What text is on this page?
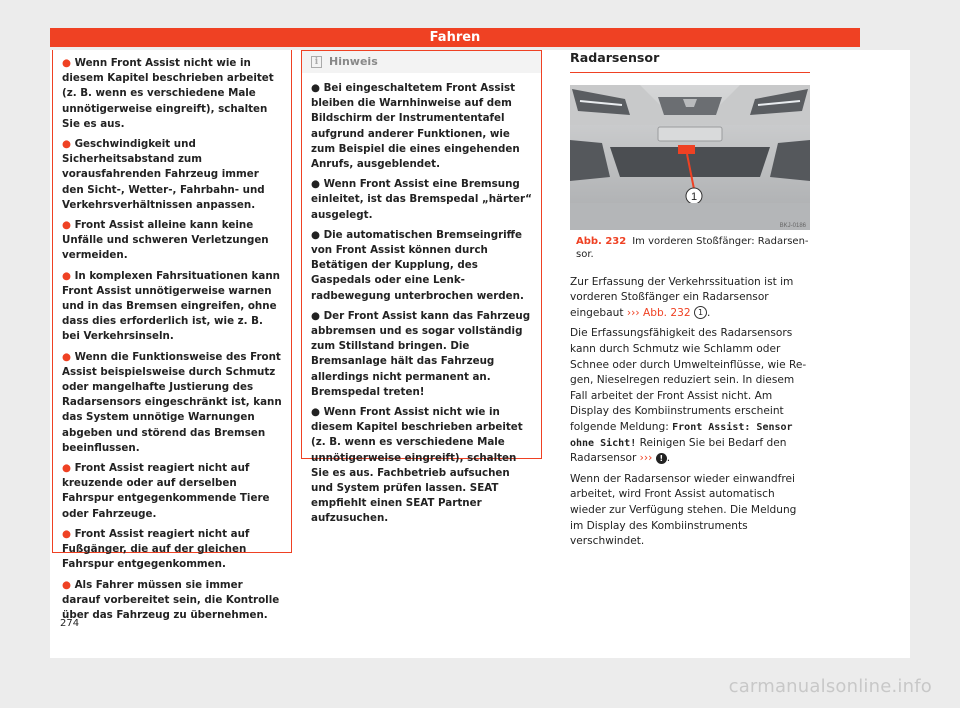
Fahren

● Wenn Front Assist nicht wie in diesem Kapitel beschrieben arbeitet (z. B. wenn es verschiedene Male unnötigerweise eingreift), schalten Sie es aus.

● Geschwindigkeit und Sicherheitsabstand zum vorausfahrenden Fahrzeug immer den Sicht-, Wetter-, Fahrbahn- und Verkehrsverhältnissen anpassen.

● Front Assist alleine kann keine Unfälle und schweren Verletzungen vermeiden.

● In komplexen Fahrsituationen kann Front Assist unnötigerweise warnen und in das Bremsen eingreifen, ohne dass dies erforderlich ist, wie z. B. bei Verkehrsinseln.

● Wenn die Funktionsweise des Front Assist beispielsweise durch Schmutz oder mangelhafte Justierung des Radarsensors eingeschränkt ist, kann das System unnötige Warnungen abgeben und störend das Bremsen beeinflussen.

● Front Assist reagiert nicht auf kreuzende oder auf derselben Fahrspur entgegenkommende Tiere oder Fahrzeuge.

● Front Assist reagiert nicht auf Fußgänger, die auf der gleichen Fahrspur entgegenkommen.

● Als Fahrer müssen sie immer darauf vorbereitet sein, die Kontrolle über das Fahrzeug zu übernehmen.

i Hinweis

● Bei eingeschaltetem Front Assist bleiben die Warnhinweise auf dem Bildschirm der Instrumententafel aufgrund anderer Funktionen, wie zum Beispiel die eines eingehenden Anrufs, ausgeblendet.

● Wenn Front Assist eine Bremsung einleitet, ist das Bremspedal „härter“ ausgelegt.

● Die automatischen Bremseingriffe von Front Assist können durch Betätigen der Kupplung, des Gaspedals oder eine Lenkradbewegung unterbrochen werden.

● Der Front Assist kann das Fahrzeug abbremsen und es sogar vollständig zum Stillstand bringen. Die Bremsanlage hält das Fahrzeug allerdings nicht permanent an. Bremspedal treten!

● Wenn Front Assist nicht wie in diesem Kapitel beschrieben arbeitet (z. B. wenn es verschiedene Male unnötigerweise eingreift), schalten Sie es aus. Fachbetrieb aufsuchen und System prüfen lassen. SEAT empfiehlt einen SEAT Partner aufzusuchen.

Radarsensor
1
BKJ-0186
Abb. 232 Im vorderen Stoßfänger: Radarsensor.

Zur Erfassung der Verkehrssituation ist im vorderen Stoßfänger ein Radarsensor eingebaut ››› Abb. 232 1 .

Die Erfassungsfähigkeit des Radarsensors kann durch Schmutz wie Schlamm oder Schnee oder durch Umwelteinflüsse, wie Regen, Nieselregen reduziert sein. In diesem Fall arbeitet der Front Assist nicht. Am Display des Kombiinstruments erscheint folgende Meldung: Front Assist: Sensor ohne Sicht! Reinigen Sie bei Bedarf den Radarsensor ››› ! .

Wenn der Radarsensor wieder einwandfrei arbeitet, wird Front Assist automatisch wieder zur Verfügung stehen. Die Meldung im Display des Kombiinstruments verschwindet.

274
carmanualsonline.info
